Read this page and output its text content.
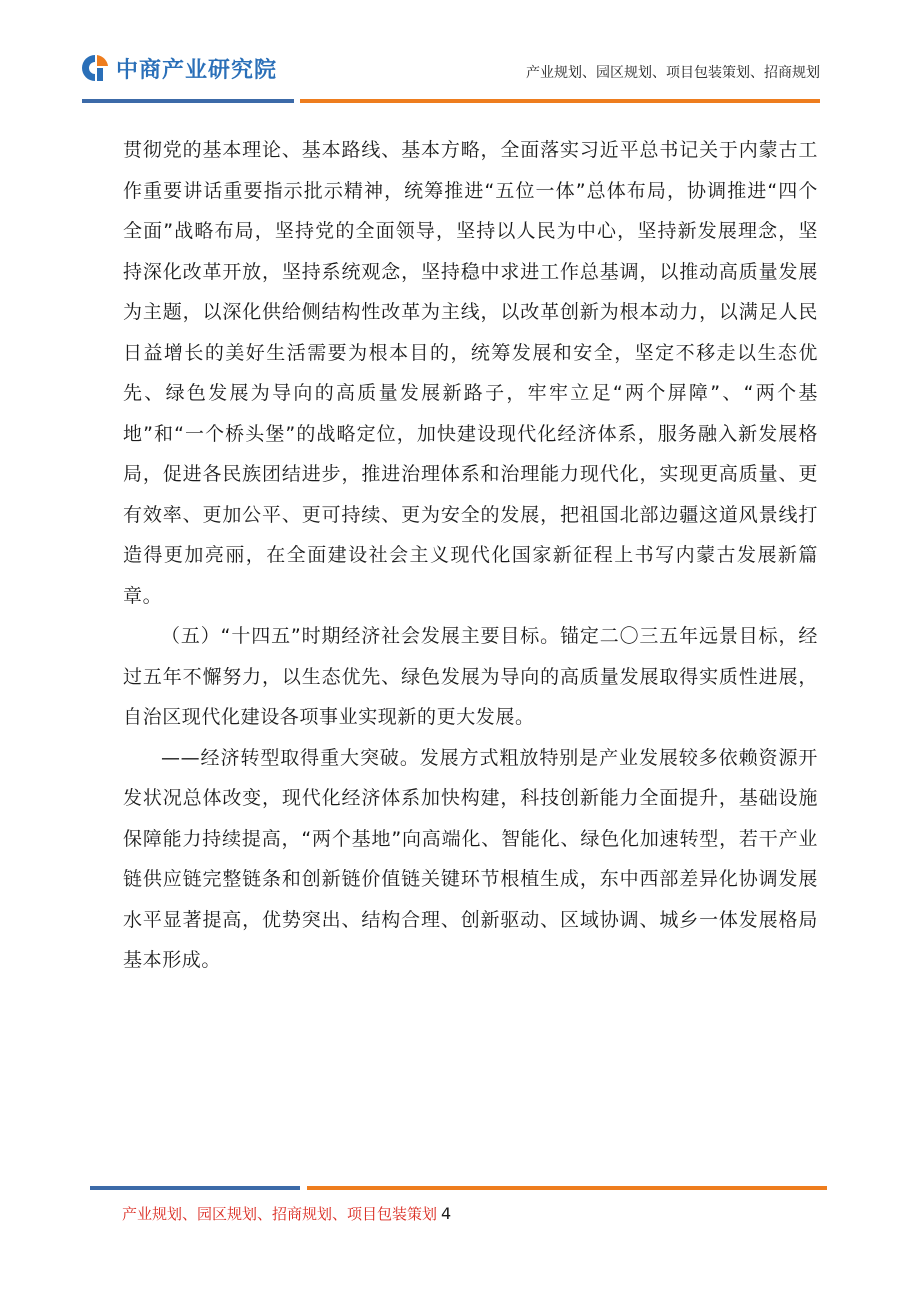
中商产业研究院	产业规划、园区规划、项目包装策划、招商规划

贯彻党的基本理论、基本路线、基本方略，全面落实习近平总书记关于内蒙古工作重要讲话重要指示批示精神，统筹推进“五位一体”总体布局，协调推进“四个全面”战略布局，坚持党的全面领导，坚持以人民为中心，坚持新发展理念，坚持深化改革开放，坚持系统观念，坚持稳中求进工作总基调，以推动高质量发展为主题，以深化供给侧结构性改革为主线，以改革创新为根本动力，以满足人民日益增长的美好生活需要为根本目的，统筹发展和安全，坚定不移走以生态优先、绿色发展为导向的高质量发展新路子，牢牢立足“两个屏障”、“两个基地”和“一个桥头堡”的战略定位，加快建设现代化经济体系，服务融入新发展格局，促进各民族团结进步，推进治理体系和治理能力现代化，实现更高质量、更有效率、更加公平、更可持续、更为安全的发展，把祖国北部边疆这道风景线打造得更加亮丽，在全面建设社会主义现代化国家新征程上书写内蒙古发展新篇章。

（五）“十四五”时期经济社会发展主要目标。锚定二〇三五年远景目标，经过五年不懈努力，以生态优先、绿色发展为导向的高质量发展取得实质性进展，自治区现代化建设各项事业实现新的更大发展。

——经济转型取得重大突破。发展方式粗放特别是产业发展较多依赖资源开发状况总体改变，现代化经济体系加快构建，科技创新能力全面提升，基础设施保障能力持续提高，“两个基地”向高端化、智能化、绿色化加速转型，若干产业链供应链完整链条和创新链价值链关键环节根植生成，东中西部差异化协调发展水平显著提高，优势突出、结构合理、创新驱动、区域协调、城乡一体发展格局基本形成。

产业规划、园区规划、招商规划、项目包装策划 4
